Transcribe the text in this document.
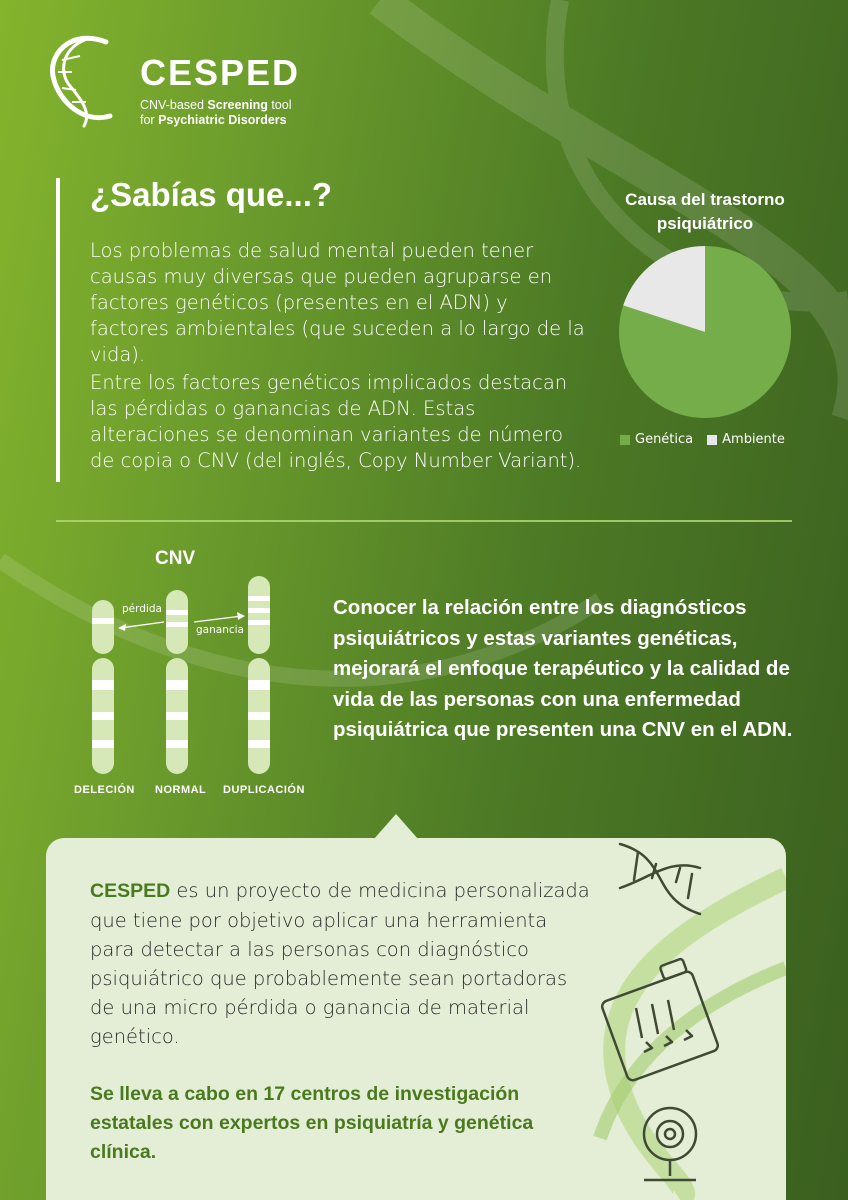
CESPED
CNV-based Screening tool
for Psychiatric Disorders
¿Sabías que...?

Los problemas de salud mental pueden tener causas muy diversas que pueden agruparse en factores genéticos (presentes en el ADN) y factores ambientales (que suceden a lo largo de la vida).

Entre los factores genéticos implicados destacan las pérdidas o ganancias de ADN. Estas alteraciones se denominan variantes de número de copia o CNV (del inglés, Copy Number Variant).

Causa del trastorno psiquiátrico
Genética Ambiente
CNV
pérdida
ganancia
DELECIÓN NORMAL DUPLICACIÓN

Conocer la relación entre los diagnósticos psiquiátricos y estas variantes genéticas, mejorará el enfoque terapéutico y la calidad de vida de las personas con una enfermedad psiquiátrica que presenten una CNV en el ADN.

CESPED es un proyecto de medicina personalizada que tiene por objetivo aplicar una herramienta para detectar a las personas con diagnóstico psiquiátrico que probablemente sean portadoras de una micro pérdida o ganancia de material genético.

Se lleva a cabo en 17 centros de investigación estatales con expertos en psiquiatría y genética clínica.
